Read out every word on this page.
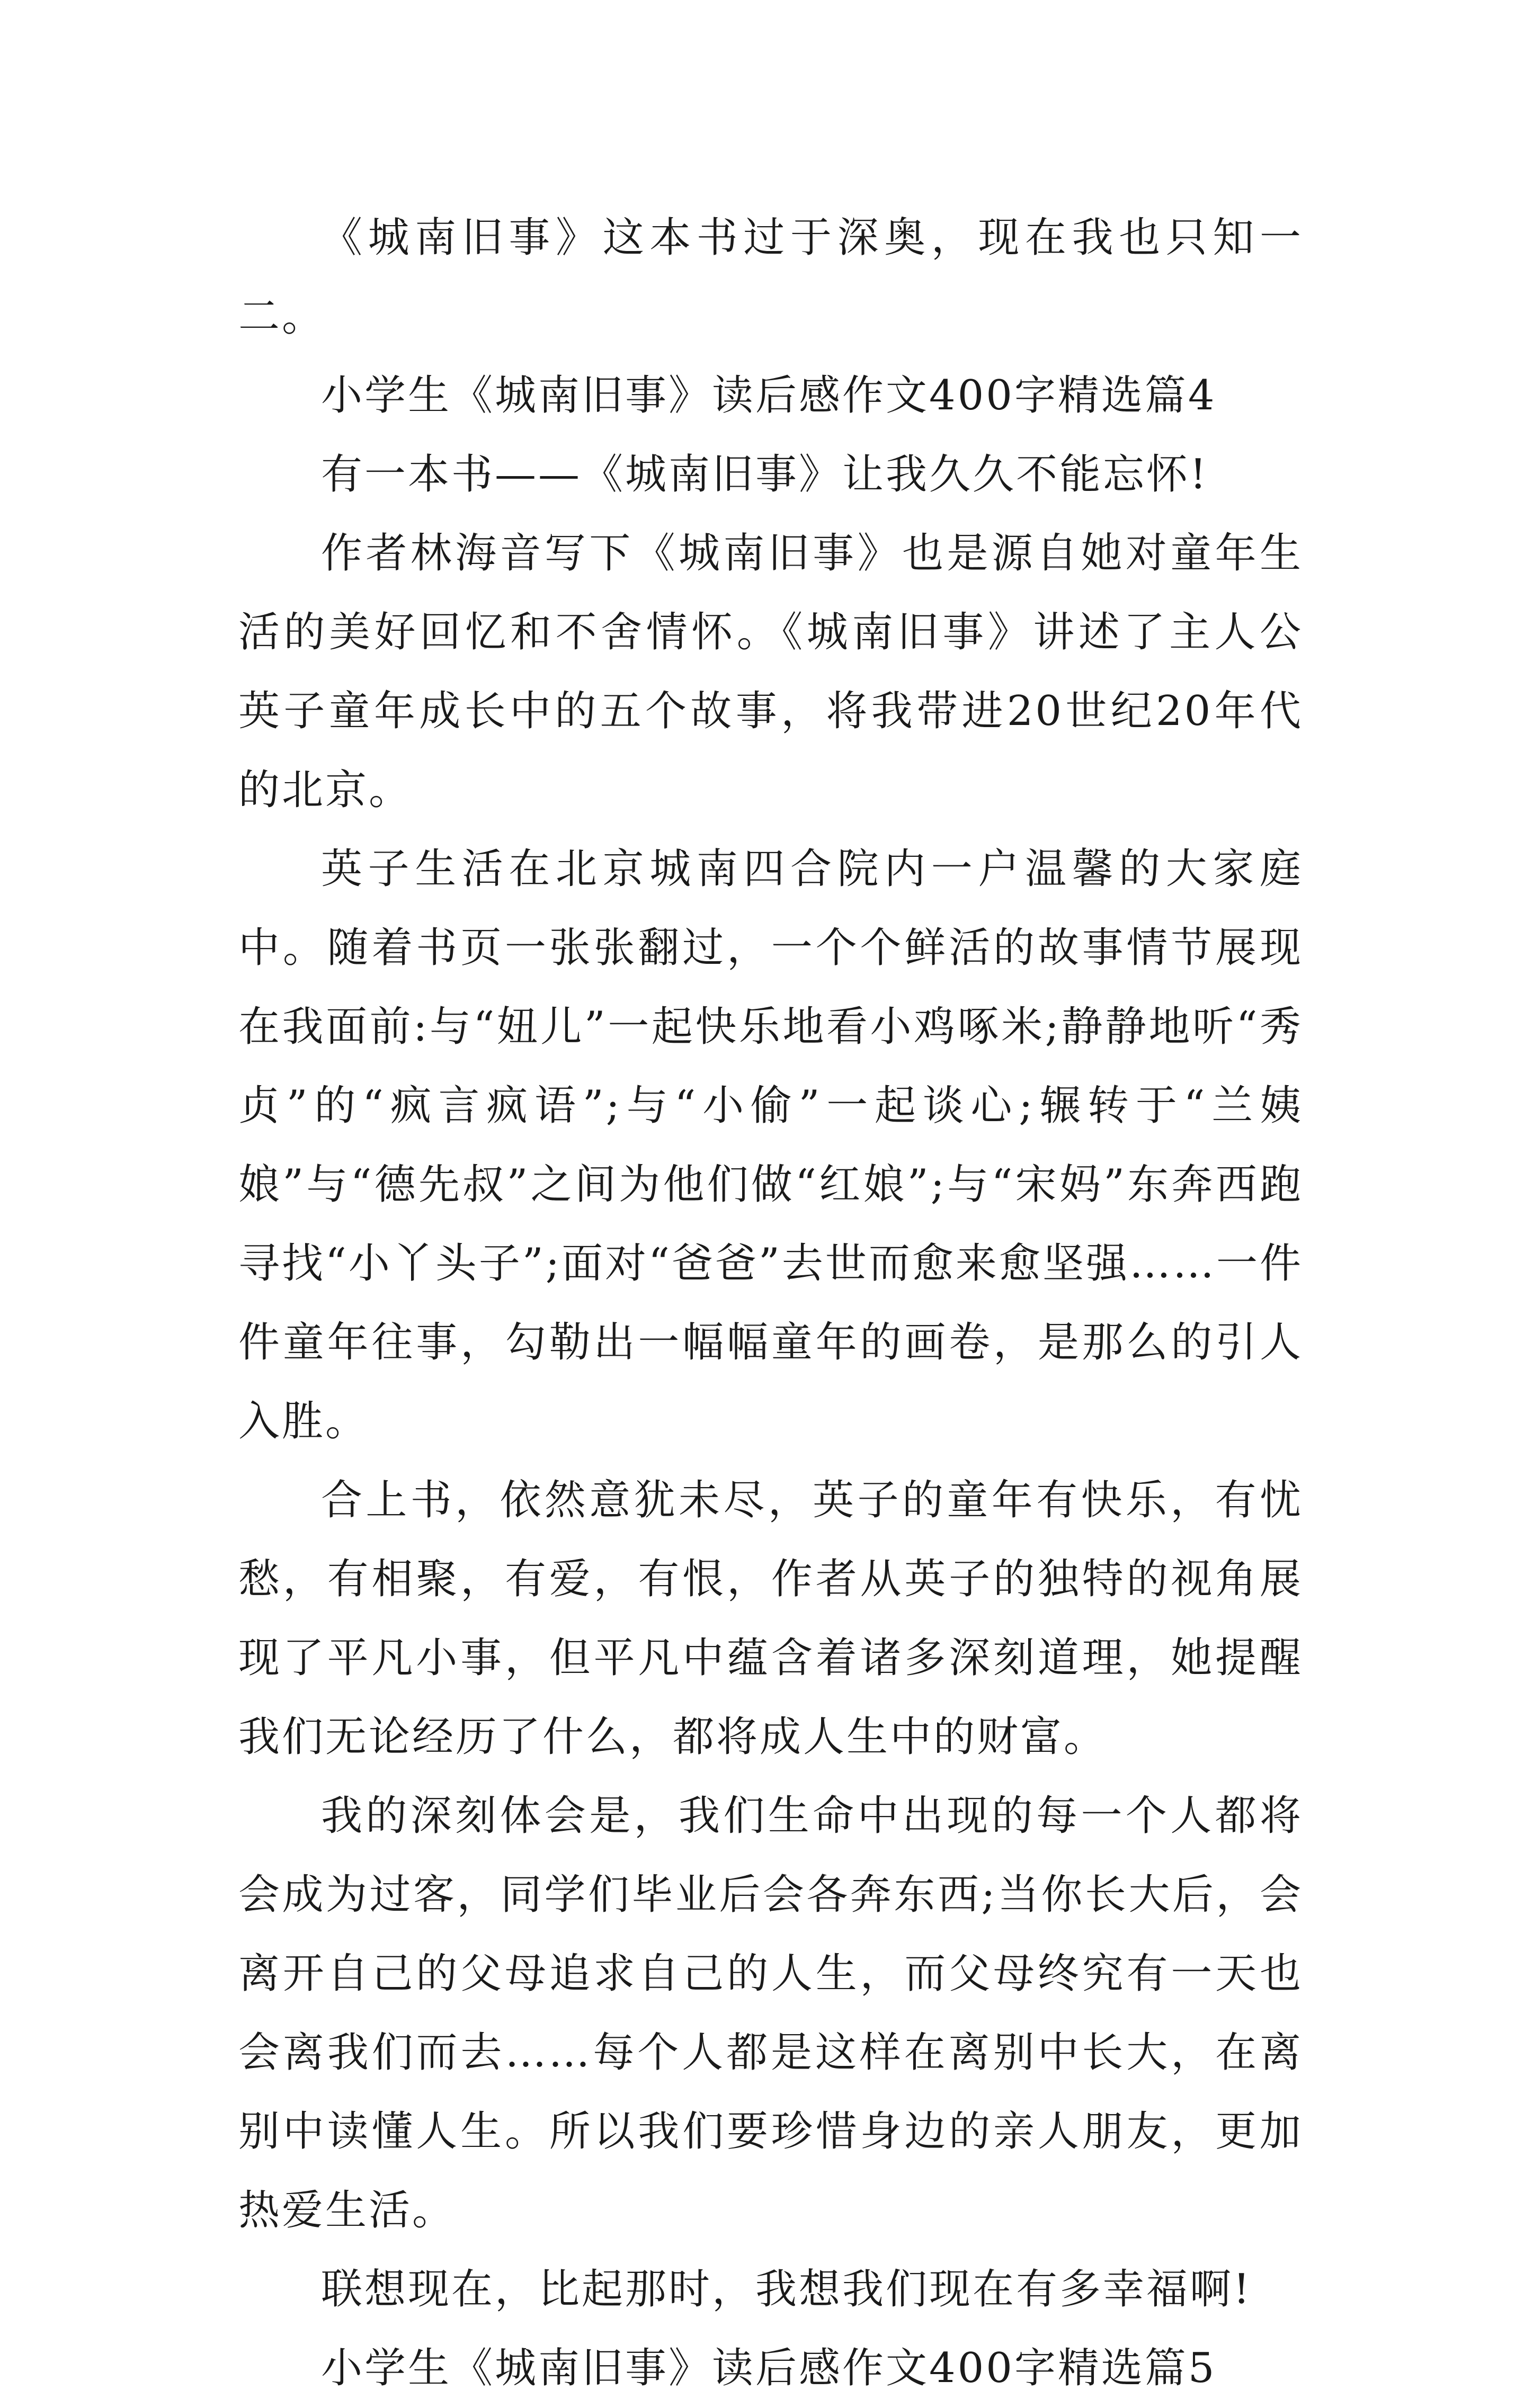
《城南旧事》这本书过于深奥，现在我也只知一二。

小学生《城南旧事》读后感作文400字精选篇4

有一本书——《城南旧事》让我久久不能忘怀!

作者林海音写下《城南旧事》也是源自她对童年生活的美好回忆和不舍情怀。《城南旧事》讲述了主人公英子童年成长中的五个故事，将我带进20世纪20年代的北京。

英子生活在北京城南四合院内一户温馨的大家庭中。随着书页一张张翻过，一个个鲜活的故事情节展现在我面前:与“妞儿”一起快乐地看小鸡啄米;静静地听“秀贞”的“疯言疯语”;与“小偷”一起谈心;辗转于“兰姨娘”与“德先叔”之间为他们做“红娘”;与“宋妈”东奔西跑寻找“小丫头子”;面对“爸爸”去世而愈来愈坚强……一件件童年往事，勾勒出一幅幅童年的画卷，是那么的引人入胜。

合上书，依然意犹未尽，英子的童年有快乐，有忧愁，有相聚，有爱，有恨，作者从英子的独特的视角展现了平凡小事，但平凡中蕴含着诸多深刻道理，她提醒我们无论经历了什么，都将成人生中的财富。

我的深刻体会是，我们生命中出现的每一个人都将会成为过客，同学们毕业后会各奔东西;当你长大后，会离开自己的父母追求自己的人生，而父母终究有一天也会离我们而去……每个人都是这样在离别中长大，在离别中读懂人生。所以我们要珍惜身边的亲人朋友，更加热爱生活。

联想现在，比起那时，我想我们现在有多幸福啊!

小学生《城南旧事》读后感作文400字精选篇5
